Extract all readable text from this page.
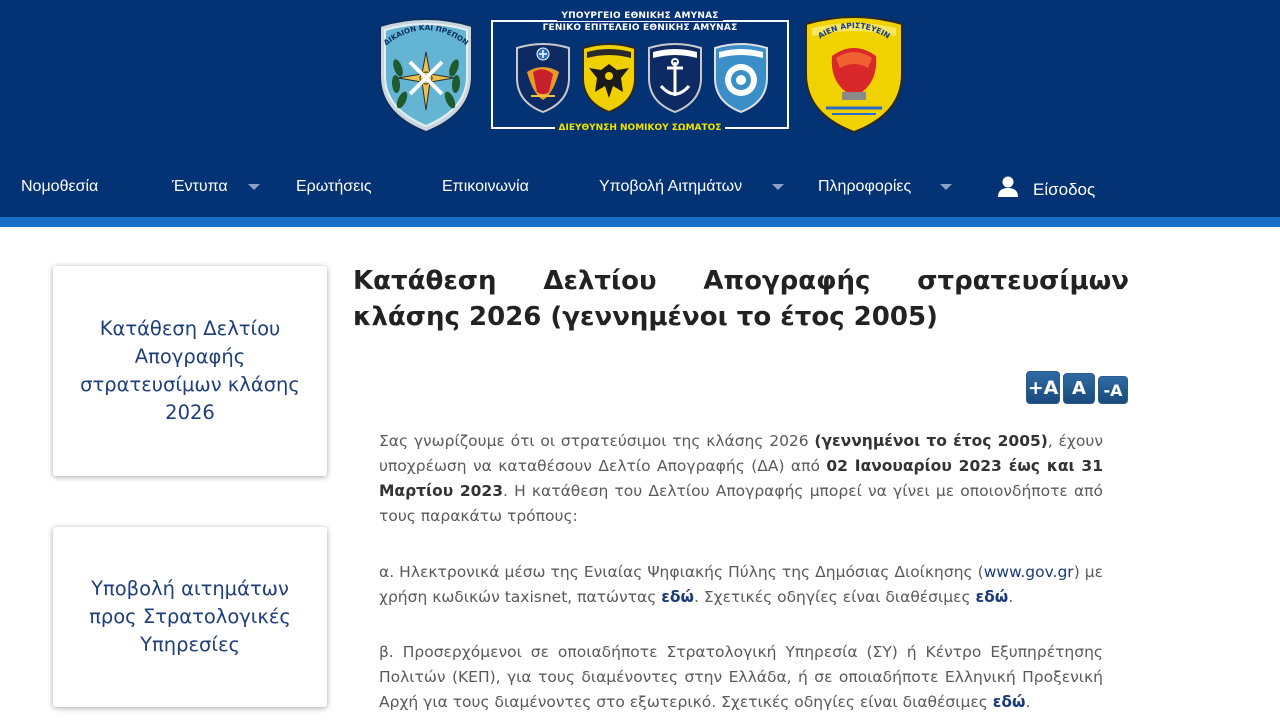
ΔΙΚΑΙΟΝ ΚΑΙ ΠΡΕΠΟΝ
ΥΠΟΥΡΓΕΙΟ ΕΘΝΙΚΗΣ ΑΜΥΝΑΣ
ΓΕΝΙΚΟ ΕΠΙΤΕΛΕΙΟ ΕΘΝΙΚΗΣ ΑΜΥΝΑΣ
ΔΙΕΥΘΥΝΣΗ ΝΟΜΙΚΟΥ ΣΩΜΑΤΟΣ
ΑΙΕΝ ΑΡΙΣΤΕΥΕΙΝ
Νομοθεσία	Έντυπα	Ερωτήσεις	Επικοινωνία	Υποβολή Αιτημάτων	Πληροφορίες	Είσοδος
Κατάθεση Δελτίου Απογραφής στρατευσίμων κλάσης 2026
Υποβολή αιτημάτων προς Στρατολογικές Υπηρεσίες
Κατάθεση Δελτίου Απογραφής στρατευσίμων κλάσης 2026 (γεννημένοι το έτος 2005)
+A A -A

Σας γνωρίζουμε ότι οι στρατεύσιμοι της κλάσης 2026 (γεννημένοι το έτος 2005), έχουν υποχρέωση να καταθέσουν Δελτίο Απογραφής (ΔΑ) από 02 Ιανουαρίου 2023 έως και 31 Μαρτίου 2023. Η κατάθεση του Δελτίου Απογραφής μπορεί να γίνει με οποιονδήποτε από τους παρακάτω τρόπους:

α. Ηλεκτρονικά μέσω της Ενιαίας Ψηφιακής Πύλης της Δημόσιας Διοίκησης (www.gov.gr) με χρήση κωδικών taxisnet, πατώντας εδώ. Σχετικές οδηγίες είναι διαθέσιμες εδώ.

β. Προσερχόμενοι σε οποιαδήποτε Στρατολογική Υπηρεσία (ΣΥ) ή Κέντρο Εξυπηρέτησης Πολιτών (ΚΕΠ), για τους διαμένοντες στην Ελλάδα, ή σε οποιαδήποτε Ελληνική Προξενική Αρχή για τους διαμένοντες στο εξωτερικό. Σχετικές οδηγίες είναι διαθέσιμες εδώ.
